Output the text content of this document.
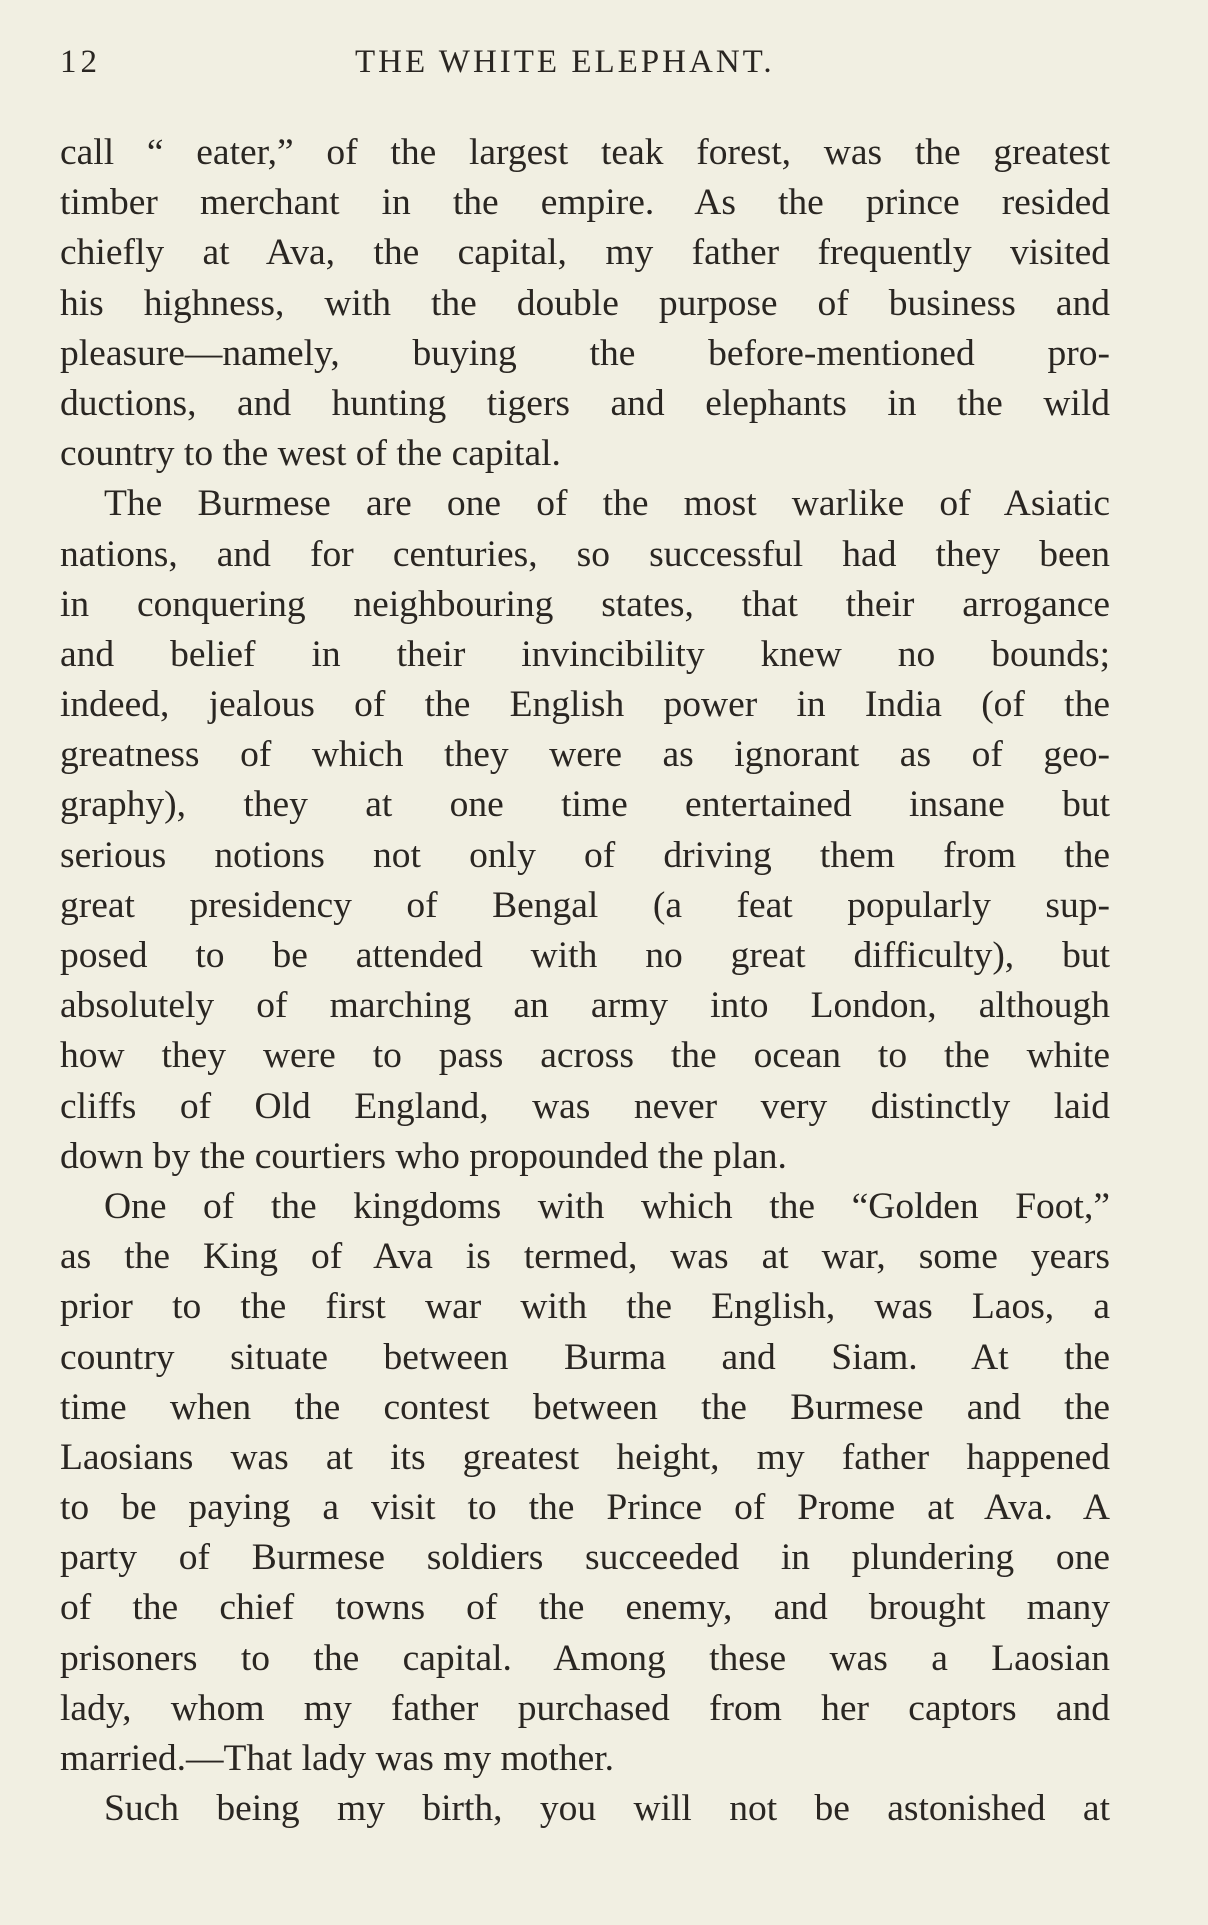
12	THE WHITE ELEPHANT.
call “ eater,” of the largest teak forest, was the greatest
timber merchant in the empire. As the prince resided
chiefly at Ava, the capital, my father frequently visited
his highness, with the double purpose of business and
pleasure—namely, buying the before-mentioned pro-
ductions, and hunting tigers and elephants in the wild
country to the west of the capital.
The Burmese are one of the most warlike of Asiatic
nations, and for centuries, so successful had they been
in conquering neighbouring states, that their arrogance
and belief in their invincibility knew no bounds;
indeed, jealous of the English power in India (of the
greatness of which they were as ignorant as of geo-
graphy), they at one time entertained insane but
serious notions not only of driving them from the
great presidency of Bengal (a feat popularly sup-
posed to be attended with no great difficulty), but
absolutely of marching an army into London, although
how they were to pass across the ocean to the white
cliffs of Old England, was never very distinctly laid
down by the courtiers who propounded the plan.
One of the kingdoms with which the “Golden Foot,”
as the King of Ava is termed, was at war, some years
prior to the first war with the English, was Laos, a
country situate between Burma and Siam. At the
time when the contest between the Burmese and the
Laosians was at its greatest height, my father happened
to be paying a visit to the Prince of Prome at Ava. A
party of Burmese soldiers succeeded in plundering one
of the chief towns of the enemy, and brought many
prisoners to the capital. Among these was a Laosian
lady, whom my father purchased from her captors and
married.—That lady was my mother.
Such being my birth, you will not be astonished at
